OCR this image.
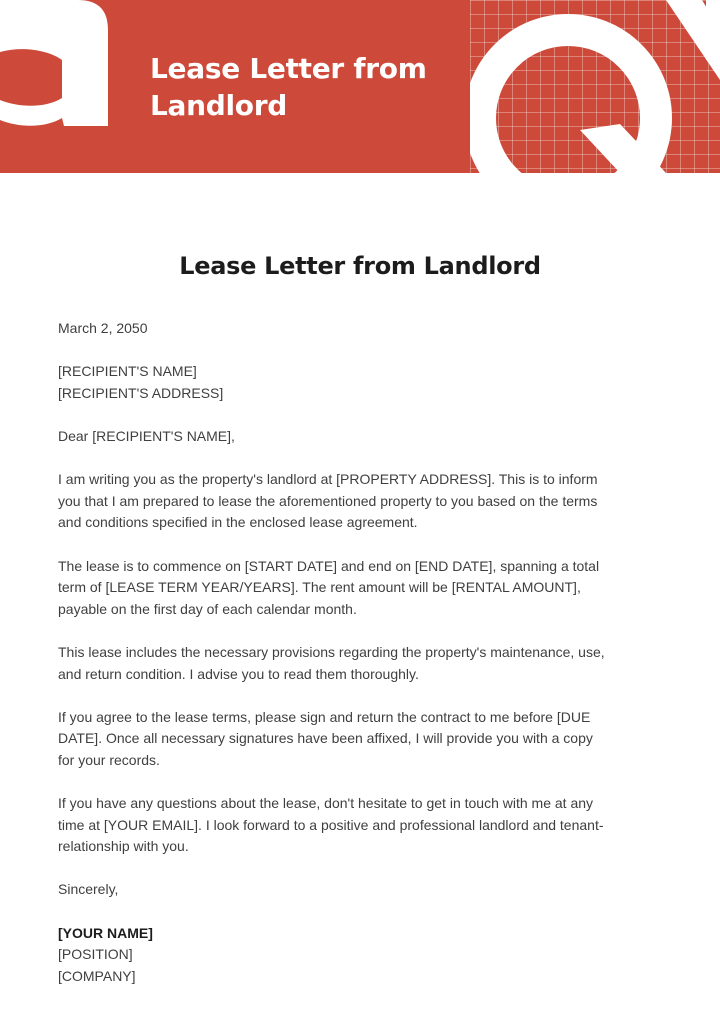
Lease Letter from
Landlord
Lease Letter from Landlord

March 2, 2050

[RECIPIENT'S NAME]
[RECIPIENT'S ADDRESS]

Dear [RECIPIENT'S NAME],

I am writing you as the property's landlord at [PROPERTY ADDRESS]. This is to inform
you that I am prepared to lease the aforementioned property to you based on the terms
and conditions specified in the enclosed lease agreement.

The lease is to commence on [START DATE] and end on [END DATE], spanning a total
term of [LEASE TERM YEAR/YEARS]. The rent amount will be [RENTAL AMOUNT],
payable on the first day of each calendar month.

This lease includes the necessary provisions regarding the property's maintenance, use,
and return condition. I advise you to read them thoroughly.

If you agree to the lease terms, please sign and return the contract to me before [DUE
DATE]. Once all necessary signatures have been affixed, I will provide you with a copy
for your records.

If you have any questions about the lease, don't hesitate to get in touch with me at any
time at [YOUR EMAIL]. I look forward to a positive and professional landlord and tenant-
relationship with you.

Sincerely,

[YOUR NAME]
[POSITION]
[COMPANY]
